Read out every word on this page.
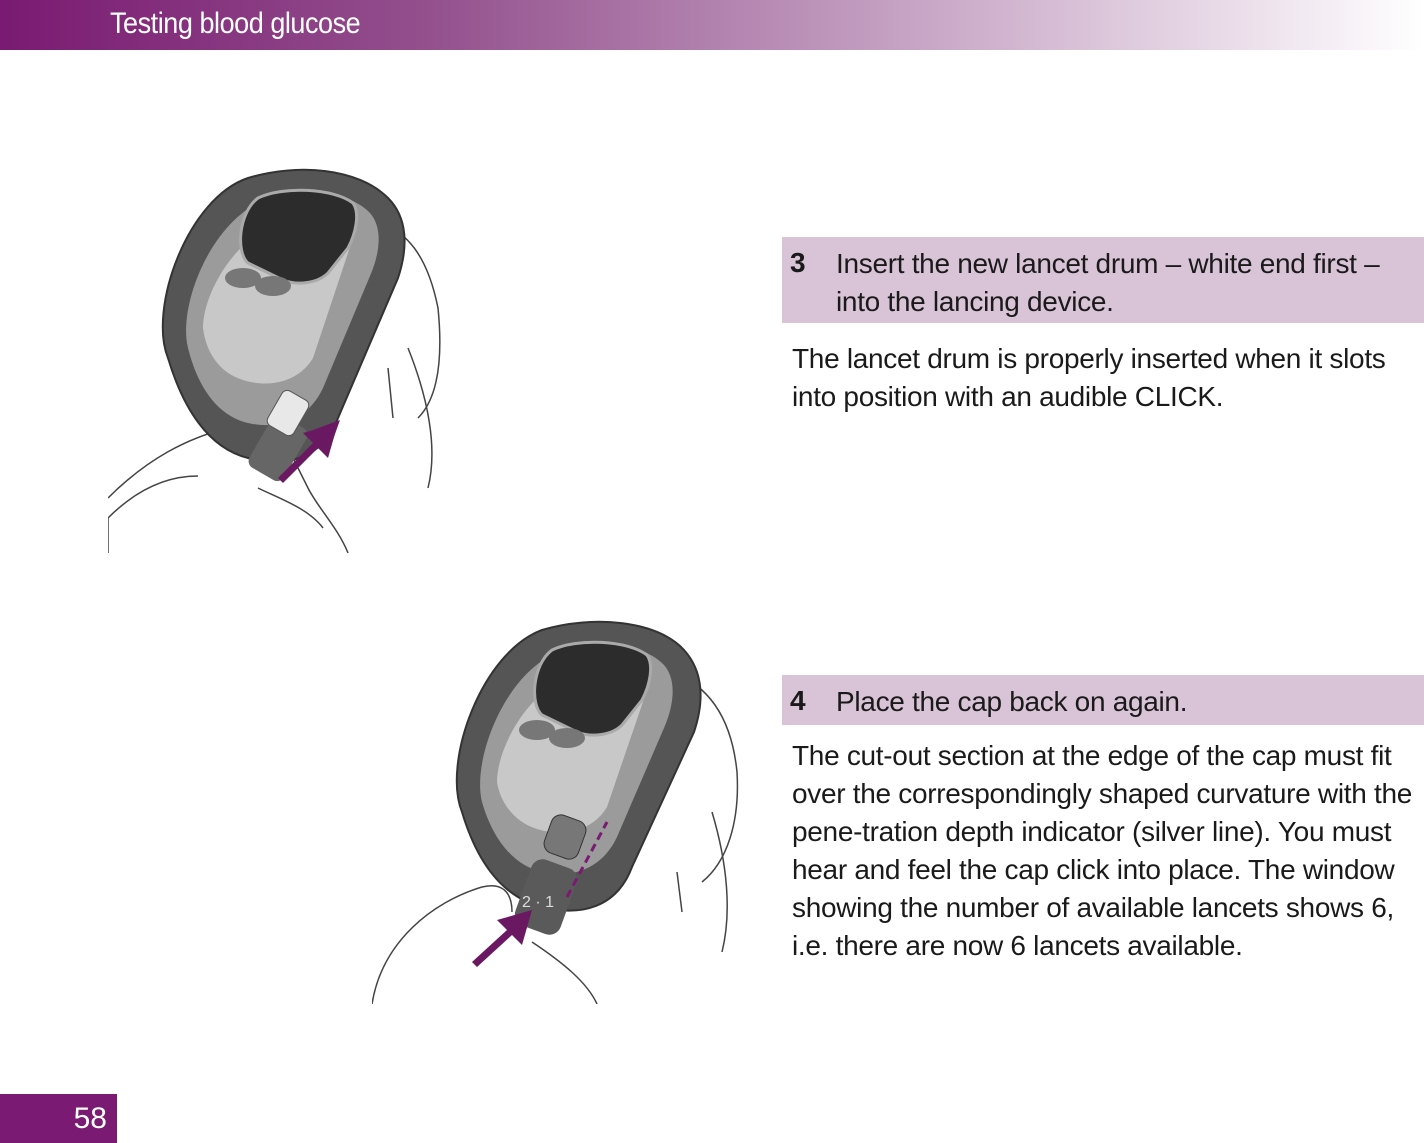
Testing blood glucose
3 Insert the new lancet drum – white end first – into the lancing device.
The lancet drum is properly inserted when it slots into position with an audible CLICK.
2 · 1
4 Place the cap back on again.
The cut-out section at the edge of the cap must fit over the correspondingly shaped curvature with the pene-tration depth indicator (silver line). You must hear and feel the cap click into place. The window showing the number of available lancets shows 6, i.e. there are now 6 lancets available.
58
